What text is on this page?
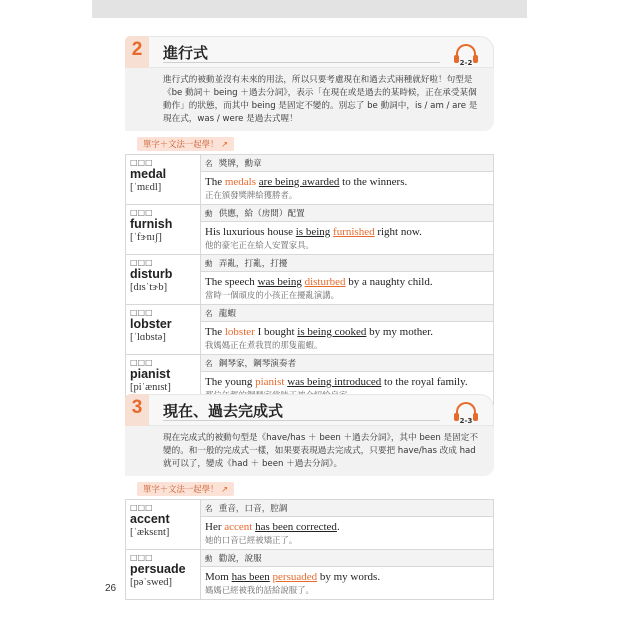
2	進行式
2-2
進行式的被動並沒有未來的用法，所以只要考慮現在和過去式兩種就好啦！句型是《be 動詞＋ being ＋過去分詞》，表示「在現在或是過去的某時候，正在承受某個動作」的狀態，而其中 being 是固定不變的。別忘了 be 動詞中，is / am / are 是現在式，was / were 是過去式喔！
單字＋文法一起學！ ↗
□□□
medal
[ˈmɛdl]	名 獎牌，勳章

	The medals are being awarded to the winners.
正在頒發獎牌給獲勝者。

□□□
furnish
[ˈfɝnɪʃ]	動 供應，給（房間）配置

	His luxurious house is being furnished right now.
他的豪宅正在給人安置家具。

□□□
disturb
[dɪsˈtɝb]	動 弄亂，打亂，打擾

	The speech was being disturbed by a naughty child.
當時一個頑皮的小孩正在擾亂演講。

□□□
lobster
[ˈlɑbstə]	名 龍蝦

	The lobster I bought is being cooked by my mother.
我媽媽正在煮我買的那隻龍蝦。

□□□
pianist
[piˈænɪst]	名 鋼琴家，鋼琴演奏者

	The young pianist was being introduced to the royal family.
3	現在、過去完成式
2-3
現在完成式的被動句型是《have/has ＋ been ＋過去分詞》，其中 been 是固定不變的。和一般的完成式一樣，如果要表現過去完成式，只要把 have/has 改成 had 就可以了，變成《had ＋ been ＋過去分詞》。
單字＋文法一起學！ ↗
□□□
accent
[ˈæksɛnt]	名 重音，口音，腔調

	Her accent has been corrected.
她的口音已經被矯正了。

□□□
persuade
[pəˈswed]	動 勸說，說服

	Mom has been persuaded by my words.
媽媽已經被我的話給說服了。
26
